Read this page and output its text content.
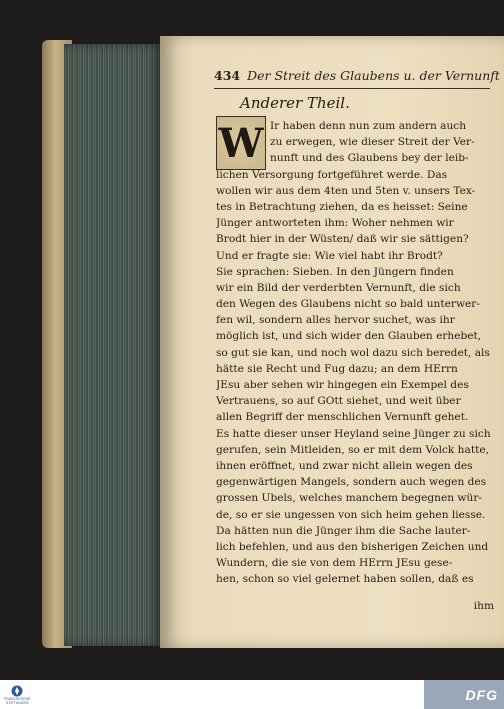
434 Der Streit des Glaubens u. der Vernunft
Anderer Theil.
W Ir haben denn nun zum andern auch
zu erwegen, wie dieser Streit der Ver-
nunft und des Glaubens bey der leib-
lichen Versorgung fortgeführet werde. Das
wollen wir aus dem 4ten und 5ten v. unsers Tex-
tes in Betrachtung ziehen, da es heisset: Seine
Jünger antworteten ihm: Woher nehmen wir
Brodt hier in der Wüsten/ daß wir sie sättigen?
Und er fragte sie: Wie viel habt ihr Brodt?
Sie sprachen: Sieben. In den Jüngern finden
wir ein Bild der verderbten Vernunft, die sich
den Wegen des Glaubens nicht so bald unterwer-
fen wil, sondern alles hervor suchet, was ihr
möglich ist, und sich wider den Glauben erhebet,
so gut sie kan, und noch wol dazu sich beredet, als
hätte sie Recht und Fug dazu; an dem HErrn
JEsu aber sehen wir hingegen ein Exempel des
Vertrauens, so auf GOtt siehet, und weit über
allen Begriff der menschlichen Vernunft gehet.
Es hatte dieser unser Heyland seine Jünger zu sich
gerufen, sein Mitleiden, so er mit dem Volck hatte,
ihnen eröffnet, und zwar nicht allein wegen des
gegenwärtigen Mangels, sondern auch wegen des
grossen Ubels, welches manchem begegnen wür-
de, so er sie ungessen von sich heim gehen liesse.
Da hätten nun die Jünger ihm die Sache lauter-
lich befehlen, und aus den bisherigen Zeichen und
Wundern, die sie von dem HErrn JEsu gese-
hen, schon so viel gelernet haben sollen, daß es
ihm
FRANCKESCHE
STIFTUNGEN	DFG
